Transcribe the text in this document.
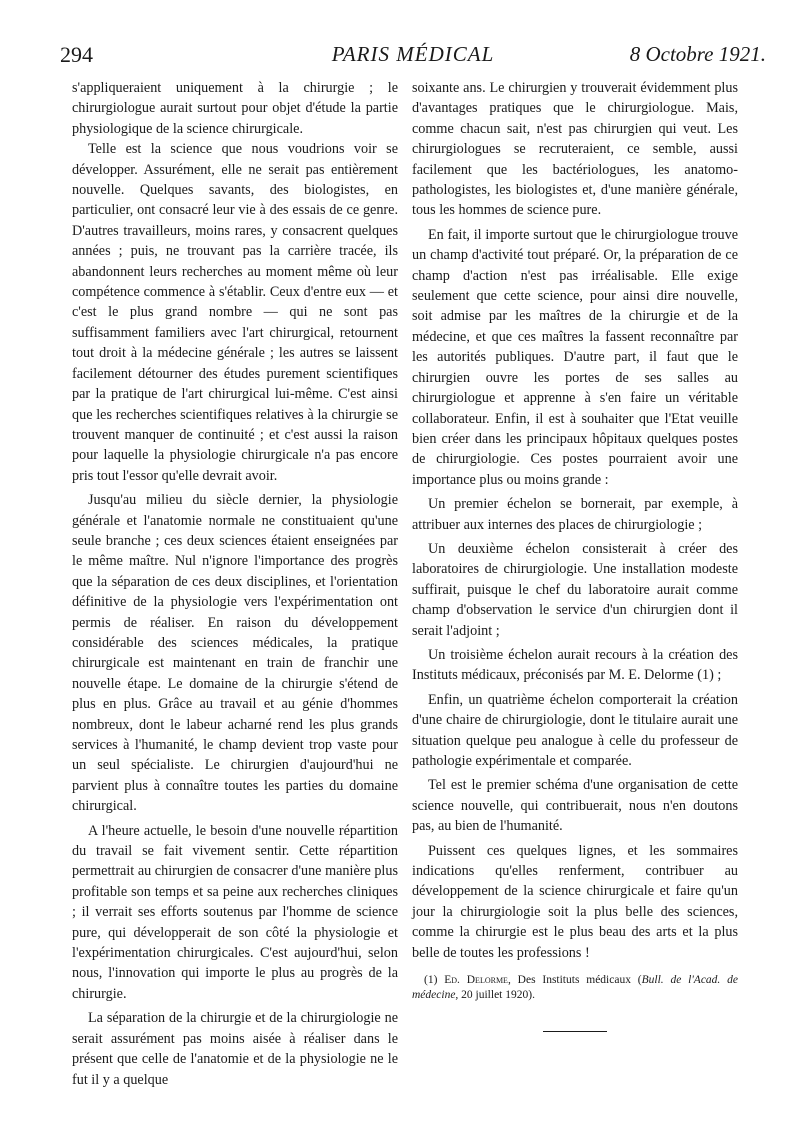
294	PARIS MÉDICAL	8 Octobre 1921.

s'appliqueraient uniquement à la chirurgie ; le chirurgiologue aurait surtout pour objet d'étude la partie physiologique de la science chirurgicale.

Telle est la science que nous voudrions voir se développer. Assurément, elle ne serait pas entièrement nouvelle. Quelques savants, des biologistes, en particulier, ont consacré leur vie à des essais de ce genre. D'autres travailleurs, moins rares, y consacrent quelques années ; puis, ne trouvant pas la carrière tracée, ils abandonnent leurs recherches au moment même où leur compétence commence à s'établir. Ceux d'entre eux — et c'est le plus grand nombre — qui ne sont pas suffisamment familiers avec l'art chirurgical, retournent tout droit à la médecine générale ; les autres se laissent facilement détourner des études purement scientifiques par la pratique de l'art chirurgical lui-même. C'est ainsi que les recherches scientifiques relatives à la chirurgie se trouvent manquer de continuité ; et c'est aussi la raison pour laquelle la physiologie chirurgicale n'a pas encore pris tout l'essor qu'elle devrait avoir.

Jusqu'au milieu du siècle dernier, la physiologie générale et l'anatomie normale ne constituaient qu'une seule branche ; ces deux sciences étaient enseignées par le même maître. Nul n'ignore l'importance des progrès que la séparation de ces deux disciplines, et l'orientation définitive de la physiologie vers l'expérimentation ont permis de réaliser. En raison du développement considérable des sciences médicales, la pratique chirurgicale est maintenant en train de franchir une nouvelle étape. Le domaine de la chirurgie s'étend de plus en plus. Grâce au travail et au génie d'hommes nombreux, dont le labeur acharné rend les plus grands services à l'humanité, le champ devient trop vaste pour un seul spécialiste. Le chirurgien d'aujourd'hui ne parvient plus à connaître toutes les parties du domaine chirurgical.

A l'heure actuelle, le besoin d'une nouvelle répartition du travail se fait vivement sentir. Cette répartition permettrait au chirurgien de consacrer d'une manière plus profitable son temps et sa peine aux recherches cliniques ; il verrait ses efforts soutenus par l'homme de science pure, qui développerait de son côté la physiologie et l'expérimentation chirurgicales. C'est aujourd'hui, selon nous, l'innovation qui importe le plus au progrès de la chirurgie.

La séparation de la chirurgie et de la chirurgiologie ne serait assurément pas moins aisée à réaliser dans le présent que celle de l'anatomie et de la physiologie ne le fut il y a quelque

soixante ans. Le chirurgien y trouverait évidemment plus d'avantages pratiques que le chirurgiologue. Mais, comme chacun sait, n'est pas chirurgien qui veut. Les chirurgiologues se recruteraient, ce semble, aussi facilement que les bactériologues, les anatomo-pathologistes, les biologistes et, d'une manière générale, tous les hommes de science pure.

En fait, il importe surtout que le chirurgiologue trouve un champ d'activité tout préparé. Or, la préparation de ce champ d'action n'est pas irréalisable. Elle exige seulement que cette science, pour ainsi dire nouvelle, soit admise par les maîtres de la chirurgie et de la médecine, et que ces maîtres la fassent reconnaître par les autorités publiques. D'autre part, il faut que le chirurgien ouvre les portes de ses salles au chirurgiologue et apprenne à s'en faire un véritable collaborateur. Enfin, il est à souhaiter que l'Etat veuille bien créer dans les principaux hôpitaux quelques postes de chirurgiologie. Ces postes pourraient avoir une importance plus ou moins grande :

Un premier échelon se bornerait, par exemple, à attribuer aux internes des places de chirurgiologie ;

Un deuxième échelon consisterait à créer des laboratoires de chirurgiologie. Une installation modeste suffirait, puisque le chef du laboratoire aurait comme champ d'observation le service d'un chirurgien dont il serait l'adjoint ;

Un troisième échelon aurait recours à la création des Instituts médicaux, préconisés par M. E. Delorme (1) ;

Enfin, un quatrième échelon comporterait la création d'une chaire de chirurgiologie, dont le titulaire aurait une situation quelque peu analogue à celle du professeur de pathologie expérimentale et comparée.

Tel est le premier schéma d'une organisation de cette science nouvelle, qui contribuerait, nous n'en doutons pas, au bien de l'humanité.

Puissent ces quelques lignes, et les sommaires indications qu'elles renferment, contribuer au développement de la science chirurgicale et faire qu'un jour la chirurgiologie soit la plus belle des sciences, comme la chirurgie est le plus beau des arts et la plus belle de toutes les professions !

(1) Ed. Delorme, Des Instituts médicaux (Bull. de l'Acad. de médecine, 20 juillet 1920).
